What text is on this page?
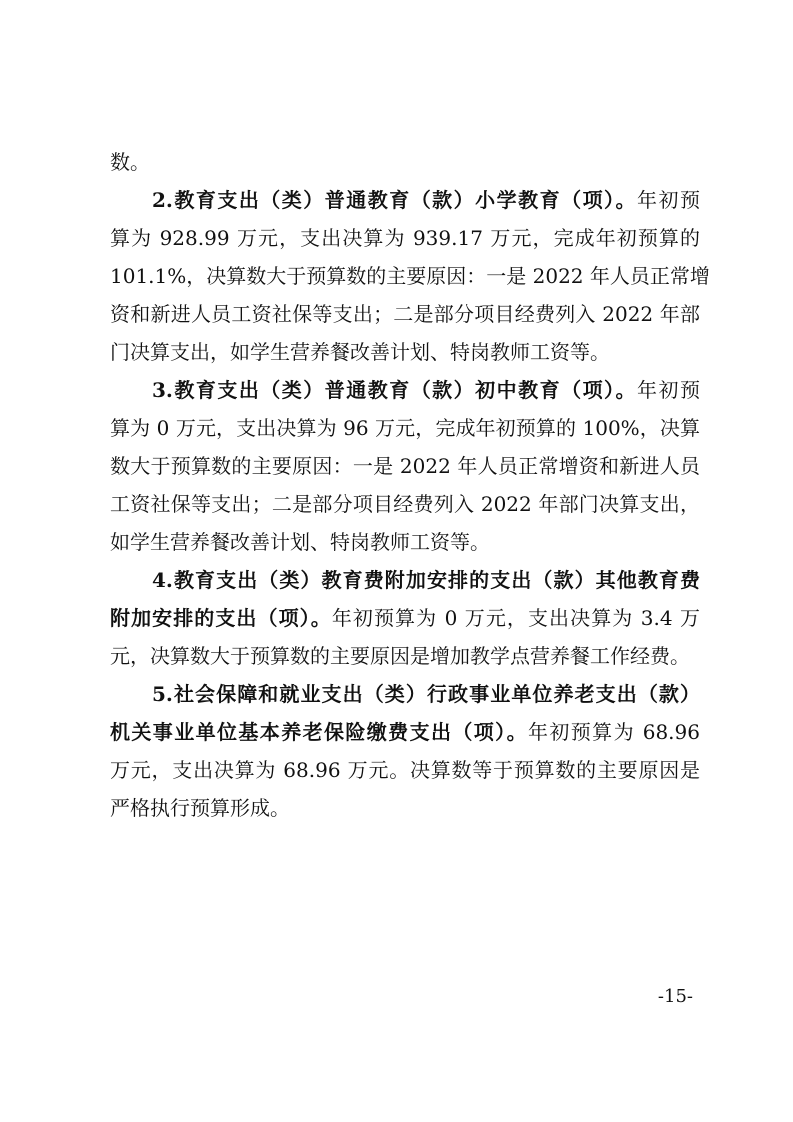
数。
2.教育支出（类）普通教育（款）小学教育（项）。年初预
算为 928.99 万元，支出决算为 939.17 万元，完成年初预算的
101.1%，决算数大于预算数的主要原因：一是 2022 年人员正常增
资和新进人员工资社保等支出；二是部分项目经费列入 2022 年部
门决算支出，如学生营养餐改善计划、特岗教师工资等。
3.教育支出（类）普通教育（款）初中教育（项）。年初预
算为 0 万元，支出决算为 96 万元，完成年初预算的 100%，决算
数大于预算数的主要原因：一是 2022 年人员正常增资和新进人员
工资社保等支出；二是部分项目经费列入 2022 年部门决算支出，
如学生营养餐改善计划、特岗教师工资等。
4.教育支出（类）教育费附加安排的支出（款）其他教育费
附加安排的支出（项）。年初预算为 0 万元，支出决算为 3.4 万
元，决算数大于预算数的主要原因是增加教学点营养餐工作经费。
5.社会保障和就业支出（类）行政事业单位养老支出（款）
机关事业单位基本养老保险缴费支出（项）。年初预算为 68.96
万元，支出决算为 68.96 万元。决算数等于预算数的主要原因是
严格执行预算形成。
-15-
